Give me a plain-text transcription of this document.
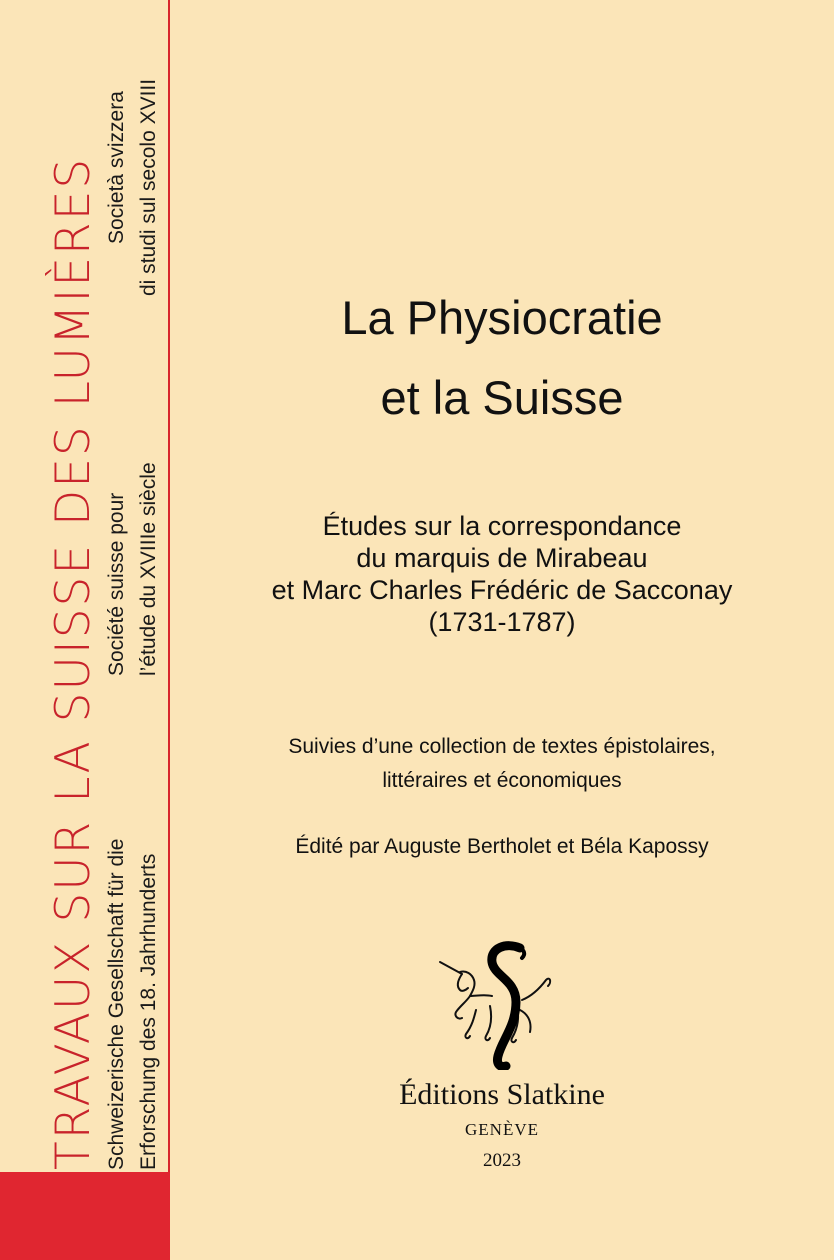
TRAVAUX SUR LA SUISSE DES LUMIÈRES Schweizerische Gesellschaft für die Erforschung des 18. Jahrhunderts
Société suisse pour l’étude du XVIIIe siècle
Società svizzera di studi sul secolo XVIII
La Physiocratie
et la Suisse
Études sur la correspondance
du marquis de Mirabeau
et Marc Charles Frédéric de Sacconay
(1731-1787)
Suivies d’une collection de textes épistolaires,
littéraires et économiques
Édité par Auguste Bertholet et Béla Kapossy
Éditions Slatkine
GENÈVE
2023
